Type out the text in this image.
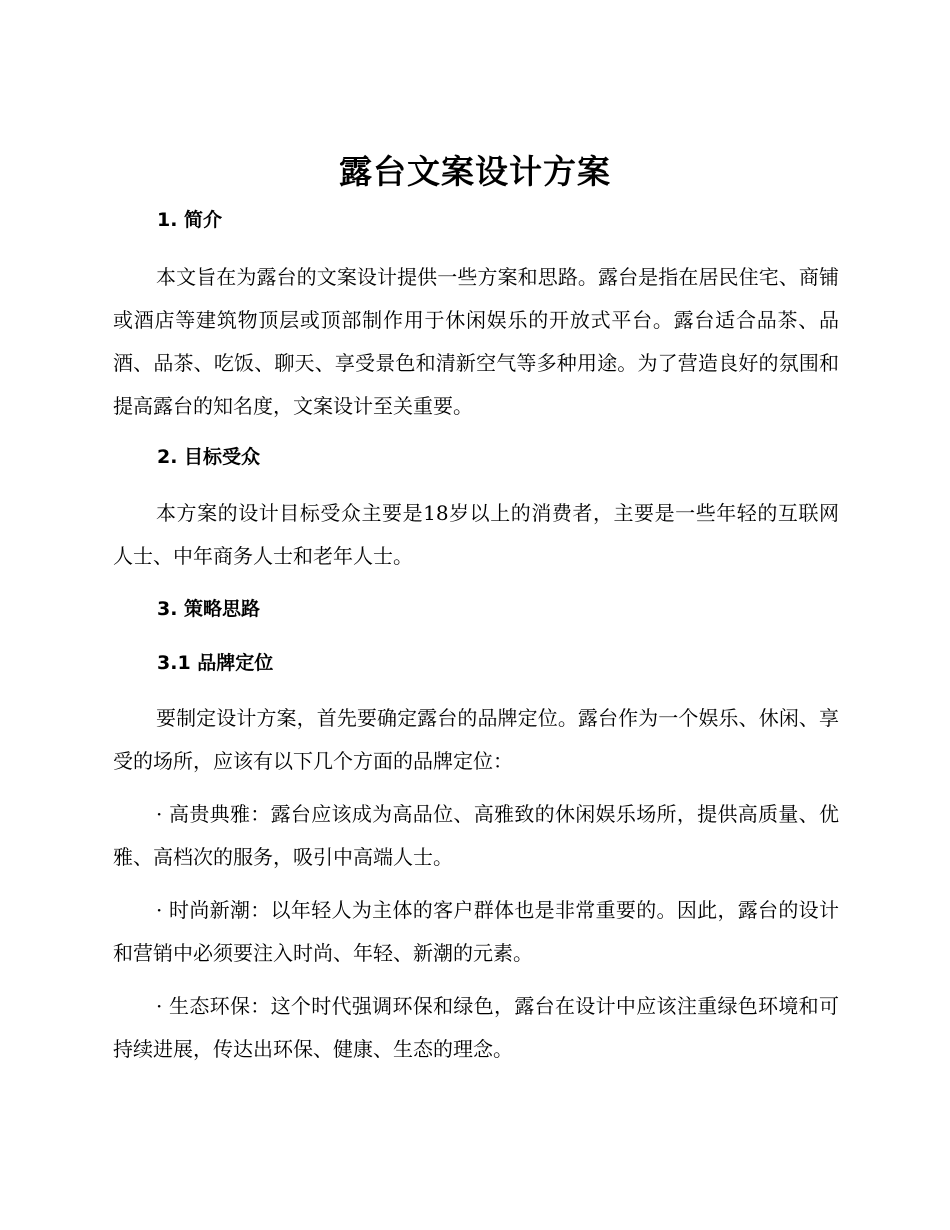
露台文案设计方案
1. 简介

本文旨在为露台的文案设计提供一些方案和思路。露台是指在居民住宅、商铺或酒店等建筑物顶层或顶部制作用于休闲娱乐的开放式平台。露台适合品茶、品酒、品茶、吃饭、聊天、享受景色和清新空气等多种用途。为了营造良好的氛围和提高露台的知名度，文案设计至关重要。

2. 目标受众

本方案的设计目标受众主要是18岁以上的消费者，主要是一些年轻的互联网人士、中年商务人士和老年人士。

3. 策略思路
3.1 品牌定位

要制定设计方案，首先要确定露台的品牌定位。露台作为一个娱乐、休闲、享受的场所，应该有以下几个方面的品牌定位：

· 高贵典雅：露台应该成为高品位、高雅致的休闲娱乐场所，提供高质量、优雅、高档次的服务，吸引中高端人士。

· 时尚新潮：以年轻人为主体的客户群体也是非常重要的。因此，露台的设计和营销中必须要注入时尚、年轻、新潮的元素。

· 生态环保：这个时代强调环保和绿色，露台在设计中应该注重绿色环境和可持续进展，传达出环保、健康、生态的理念。
